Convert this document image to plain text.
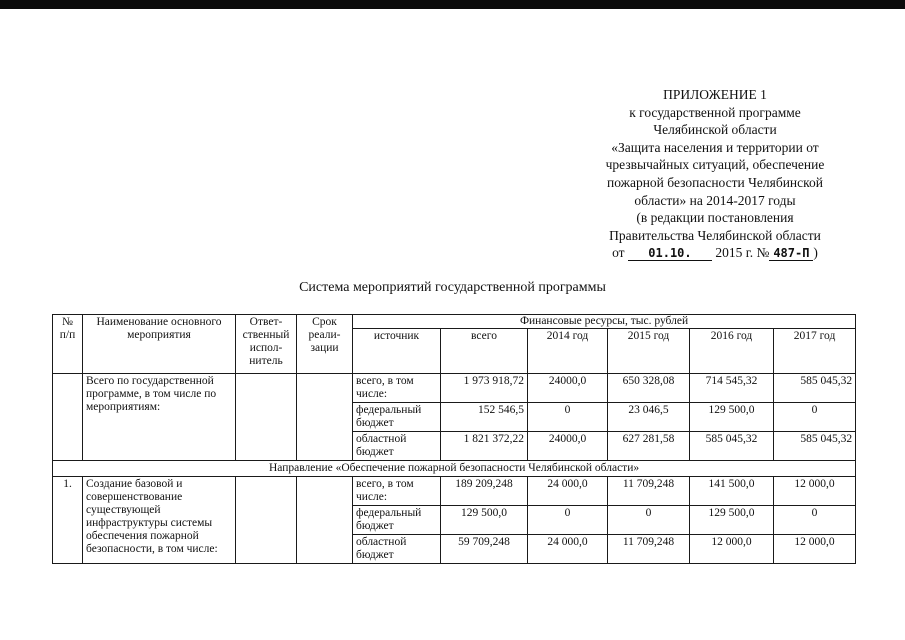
ПРИЛОЖЕНИЕ 1
к государственной программе
Челябинской области
«Защита населения и территории от
чрезвычайных ситуаций, обеспечение
пожарной безопасности Челябинской
области» на 2014-2017 годы
(в редакции постановления
Правительства Челябинской области
от 01.10. 2015 г. № 487-П )
Система мероприятий государственной программы
№ п/п	Наименование основного мероприятия	Ответ-ственный испол-нитель	Срок реали-зации	Финансовые ресурсы, тыс. рублей					
				источник	всего	2014 год	2015 год	2016 год	2017 год
	Всего по государственной программе, в том числе по мероприятиям:			всего, в том числе:	1 973 918,72	24000,0	650 328,08	714 545,32	585 045,32
				федеральный бюджет	152 546,5	0	23 046,5	129 500,0	0
				областной бюджет	1 821 372,22	24000,0	627 281,58	585 045,32	585 045,32
Направление «Обеспечение пожарной безопасности Челябинской области»									
1.	Создание базовой и совершенствование существующей инфраструктуры системы обеспечения пожарной безопасности, в том числе:			всего, в том числе:	189 209,248	24 000,0	11 709,248	141 500,0	12 000,0
				федеральный бюджет	129 500,0	0	0	129 500,0	0
				областной бюджет	59 709,248	24 000,0	11 709,248	12 000,0	12 000,0
